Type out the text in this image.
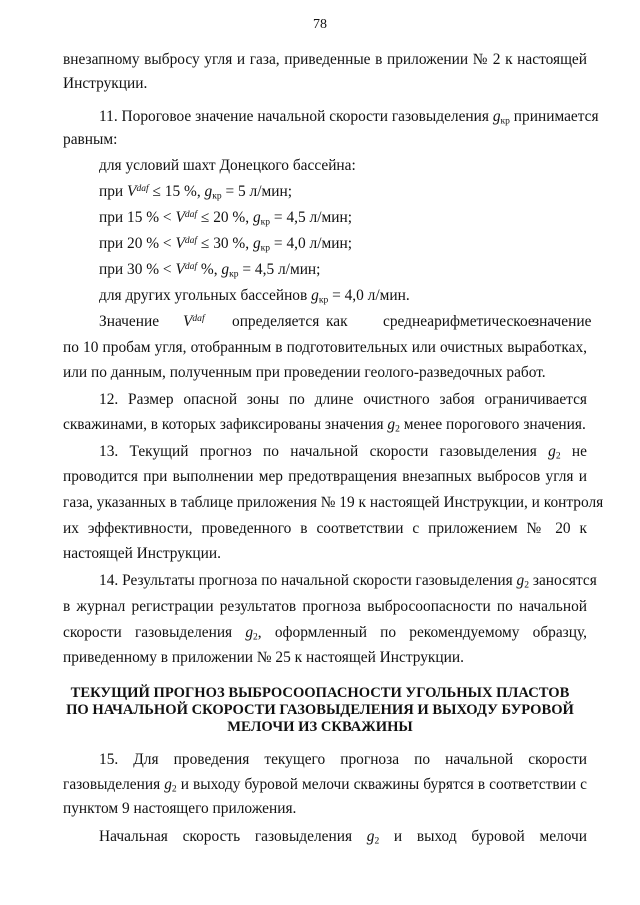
78
внезапному выбросу угля и газа, приведенные в приложении № 2 к настоящей
Инструкции.
11. Пороговое значение начальной скорости газовыделения $g_{кр}$ принимается
равным:
для условий шахт Донецкого бассейна:
при $V^{daf} \le 15$ %, $g_{кр} = 5$ л/мин;
при 15 % < $V^{daf} \le 20$ %, $g_{кр} = 4,5$ л/мин;
при 20 % < $V^{daf} \le 30$ %, $g_{кр} = 4,0$ л/мин;
при 30 % < $V^{daf}$ %, $g_{кр} = 4,5$ л/мин;
для других угольных бассейнов $g_{кр} = 4,0$ л/мин.
Значение $V^{daf}$ определяется как среднеарифметическое
значение
по 10 пробам угля, отобранным в подготовительных или очистных выработках,
или по данным, полученным при проведении геолого-разведочных работ.
12. Размер опасной зоны по длине очистного забоя ограничивается
скважинами, в которых зафиксированы значения $g_2$ менее порогового значения.
13. Текущий прогноз по начальной скорости газовыделения $g_2$ не
проводится при выполнении мер предотвращения внезапных выбросов угля и
газа, указанных в таблице приложения № 19 к настоящей Инструкции, и контроля
их эффективности, проведенного в соответствии с приложением № 20 к
настоящей Инструкции.
14. Результаты прогноза по начальной скорости газовыделения $g_2$ заносятся
в журнал регистрации результатов прогноза выбросоопасности по начальной
скорости газовыделения $g_2$, оформленный по рекомендуемому образцу,
приведенному в приложении № 25 к настоящей Инструкции.
ТЕКУЩИЙ ПРОГНОЗ ВЫБРОСООПАСНОСТИ УГОЛЬНЫХ ПЛАСТОВ
ПО НАЧАЛЬНОЙ СКОРОСТИ ГАЗОВЫДЕЛЕНИЯ И ВЫХОДУ БУРОВОЙ
МЕЛОЧИ ИЗ СКВАЖИНЫ
15. Для проведения текущего прогноза по начальной скорости
газовыделения $g_2$ и выходу буровой мелочи скважины бурятся в соответствии с
пунктом 9 настоящего приложения.
Начальная скорость газовыделения $g_2$ и выход буровой мелочи
